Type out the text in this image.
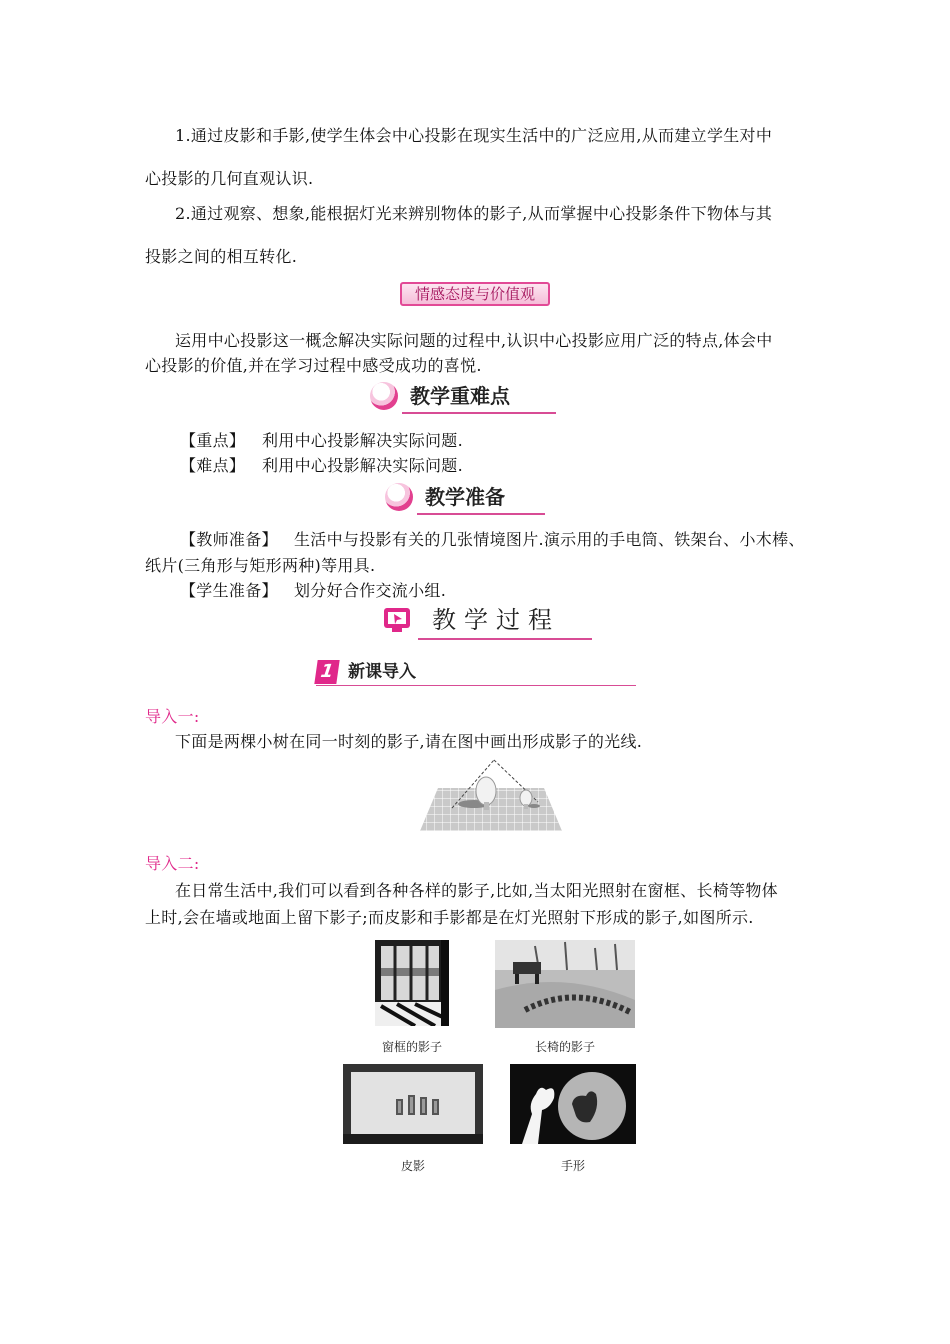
1.通过皮影和手影,使学生体会中心投影在现实生活中的广泛应用,从而建立学生对中
心投影的几何直观认识.
2.通过观察、想象,能根据灯光来辨别物体的影子,从而掌握中心投影条件下物体与其
投影之间的相互转化.
情感态度与价值观
运用中心投影这一概念解决实际问题的过程中,认识中心投影应用广泛的特点,体会中
心投影的价值,并在学习过程中感受成功的喜悦.
教学重难点
【重点】 利用中心投影解决实际问题.
【难点】 利用中心投影解决实际问题.
教学准备
【教师准备】 生活中与投影有关的几张情境图片.演示用的手电筒、铁架台、小木棒、
纸片(三角形与矩形两种)等用具.
【学生准备】 划分好合作交流小组.
教学过程
1 新课导入
导入一:
下面是两棵小树在同一时刻的影子,请在图中画出形成影子的光线.
导入二:
在日常生活中,我们可以看到各种各样的影子,比如,当太阳光照射在窗框、长椅等物体
上时,会在墙或地面上留下影子;而皮影和手影都是在灯光照射下形成的影子,如图所示.
窗框的影子	长椅的影子
皮影	手形
